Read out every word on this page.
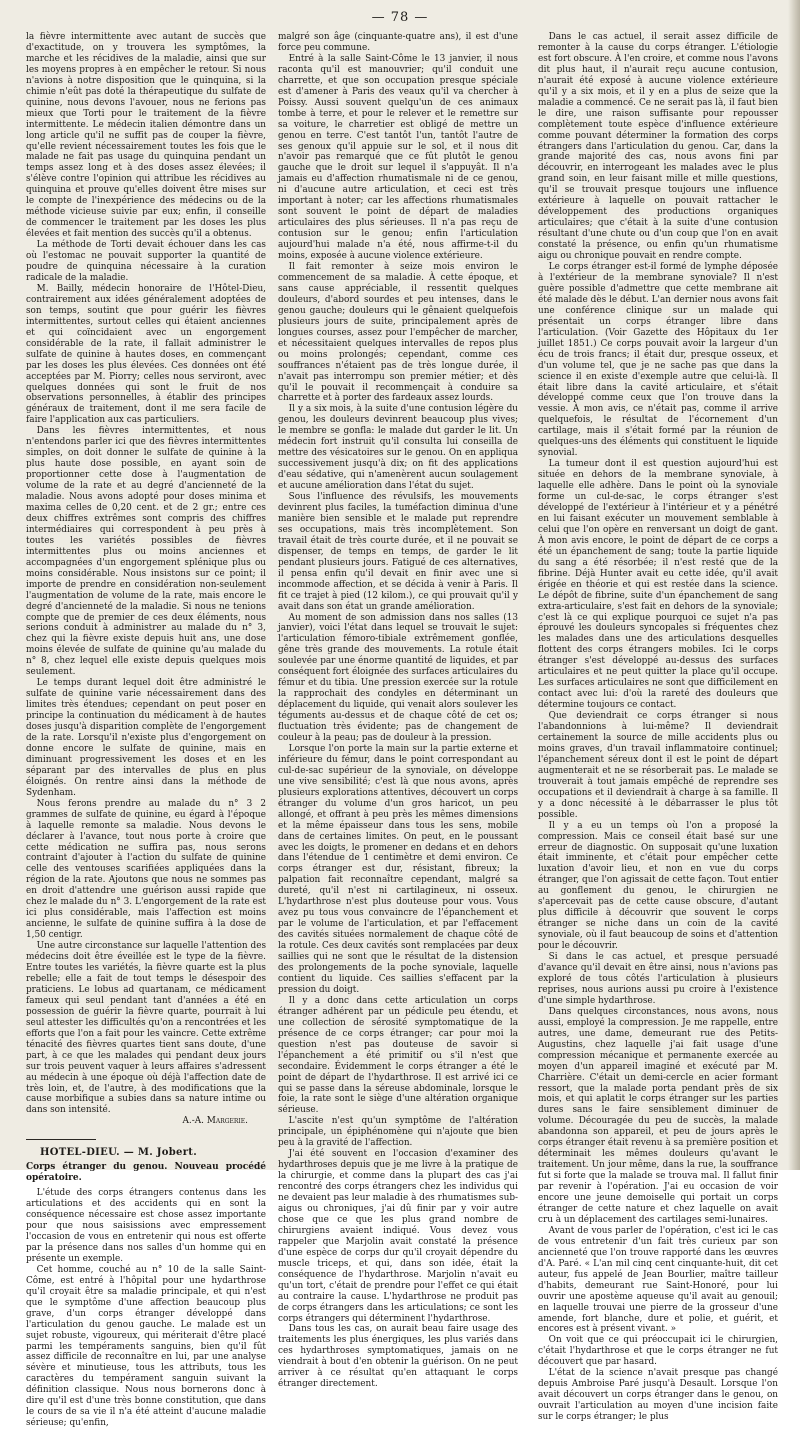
— 78 —

la fièvre intermittente avec autant de succès que d'exactitude, on y trouvera les symptômes, la marche et les récidives de la maladie, ainsi que sur les moyens propres à en empêcher le retour. Si nous n'avions à notre disposition que le quinquina, si la chimie n'eût pas doté la thérapeutique du sulfate de quinine, nous devons l'avouer, nous ne ferions pas mieux que Torti pour le traitement de la fièvre intermittente. Le médecin italien démontre dans un long article qu'il ne suffit pas de couper la fièvre, qu'elle revient nécessairement toutes les fois que le malade ne fait pas usage du quinquina pendant un temps assez long et à des doses assez élevées; il s'élève contre l'opinion qui attribue les récidives au quinquina et prouve qu'elles doivent être mises sur le compte de l'inexpérience des médecins ou de la méthode vicieuse suivie par eux; enfin, il conseille de commencer le traitement par les doses les plus élevées et fait mention des succès qu'il a obtenus.

La méthode de Torti devait échouer dans les cas où l'estomac ne pouvait supporter la quantité de poudre de quinquina nécessaire à la curation radicale de la maladie.

M. Bailly, médecin honoraire de l'Hôtel-Dieu, contrairement aux idées généralement adoptées de son temps, soutint que pour guérir les fièvres intermittentes, surtout celles qui étaient anciennes et qui coïncidaient avec un engorgement considérable de la rate, il fallait administrer le sulfate de quinine à hautes doses, en commençant par les doses les plus élevées. Ces données ont été acceptées par M. Piorry; celles nous serviront, avec quelques données qui sont le fruit de nos observations personnelles, à établir des principes généraux de traitement, dont il me sera facile de faire l'application aux cas particuliers.

Dans les fièvres intermittentes, et nous n'entendons parler ici que des fièvres intermittentes simples, on doit donner le sulfate de quinine à la plus haute dose possible, en ayant soin de proportionner cette dose à l'augmentation de volume de la rate et au degré d'ancienneté de la maladie. Nous avons adopté pour doses minima et maxima celles de 0,20 cent. et de 2 gr.; entre ces deux chiffres extrêmes sont compris des chiffres intermédiaires qui correspondent à peu près à toutes les variétés possibles de fièvres intermittentes plus ou moins anciennes et accompagnées d'un engorgement splénique plus ou moins considérable. Nous insistons sur ce point; il importe de prendre en considération non-seulement l'augmentation de volume de la rate, mais encore le degré d'ancienneté de la maladie. Si nous ne tenions compte que de premier de ces deux éléments, nous serions conduit à administrer au malade du n° 3, chez qui la fièvre existe depuis huit ans, une dose moins élevée de sulfate de quinine qu'au malade du n° 8, chez lequel elle existe depuis quelques mois seulement.

Le temps durant lequel doit être administré le sulfate de quinine varie nécessairement dans des limites très étendues; cependant on peut poser en principe la continuation du médicament à de hautes doses jusqu'à disparition complète de l'engorgement de la rate. Lorsqu'il n'existe plus d'engorgement on donne encore le sulfate de quinine, mais en diminuant progressivement les doses et en les séparant par des intervalles de plus en plus éloignés. On rentre ainsi dans la méthode de Sydenham.

Nous ferons prendre au malade du n° 3 2 grammes de sulfate de quinine, eu égard à l'époque à laquelle remonte sa maladie. Nous devons le déclarer à l'avance, tout nous porte à croire que cette médication ne suffira pas, nous serons contraint d'ajouter à l'action du sulfate de quinine celle des ventouses scarifiées appliquées dans la région de la rate. Ajoutons que nous ne sommes pas en droit d'attendre une guérison aussi rapide que chez le malade du n° 3. L'engorgement de la rate est ici plus considérable, mais l'affection est moins ancienne, le sulfate de quinine suffira à la dose de 1,50 centigr.

Une autre circonstance sur laquelle l'attention des médecins doit être éveillée est le type de la fièvre. Entre toutes les variétés, la fièvre quarte est la plus rebelle; elle a fait de tout temps le désespoir des praticiens. Le lobus ad quartanam, ce médicament fameux qui seul pendant tant d'années a été en possession de guérir la fièvre quarte, pourrait à lui seul attester les difficultés qu'on a rencontrées et les efforts que l'on a fait pour les vaincre. Cette extrême ténacité des fièvres quartes tient sans doute, d'une part, à ce que les malades qui pendant deux jours sur trois peuvent vaquer à leurs affaires s'adressent au médecin à une époque où déjà l'affection date de très loin, et, de l'autre, à des modifications que la cause morbifique a subies dans sa nature intime ou dans son intensité.

A.-A. Margerie.
HOTEL-DIEU. — M. Jobert.
Corps étranger du genou. Nouveau procédé opératoire.

L'étude des corps étrangers contenus dans les articulations et des accidents qui en sont la conséquence nécessaire est chose assez importante pour que nous saisissions avec empressement l'occasion de vous en entretenir qui nous est offerte par la présence dans nos salles d'un homme qui en présente un exemple.

Cet homme, couché au n° 10 de la salle Saint-Côme, est entré à l'hôpital pour une hydarthrose qu'il croyait être sa maladie principale, et qui n'est que le symptôme d'une affection beaucoup plus grave, d'un corps étranger développé dans l'articulation du genou gauche. Le malade est un sujet robuste, vigoureux, qui mériterait d'être placé parmi les tempéraments sanguins, bien qu'il fût assez difficile de reconnaître en lui, par une analyse sévère et minutieuse, tous les attributs, tous les caractères du tempérament sanguin suivant la définition classique. Nous nous bornerons donc à dire qu'il est d'une très bonne constitution, que dans le cours de sa vie il n'a été atteint d'aucune maladie sérieuse; qu'enfin,

malgré son âge (cinquante-quatre ans), il est d'une force peu commune.

Entré à la salle Saint-Côme le 13 janvier, il nous raconta qu'il est manouvrier; qu'il conduit une charrette, et que son occupation presque spéciale est d'amener à Paris des veaux qu'il va chercher à Poissy. Aussi souvent quelqu'un de ces animaux tombe à terre, et pour le relever et le remettre sur sa voiture, le charretier est obligé de mettre un genou en terre. C'est tantôt l'un, tantôt l'autre de ses genoux qu'il appuie sur le sol, et il nous dit n'avoir pas remarqué que ce fût plutôt le genou gauche que le droit sur lequel il s'appuyât. Il n'a jamais eu d'affection rhumatismale ni de ce genou, ni d'aucune autre articulation, et ceci est très important à noter; car les affections rhumatismales sont souvent le point de départ de maladies articulaires des plus sérieuses. Il n'a pas reçu de contusion sur le genou; enfin l'articulation aujourd'hui malade n'a été, nous affirme-t-il du moins, exposée à aucune violence extérieure.

Il fait remonter à seize mois environ le commencement de sa maladie. À cette époque, et sans cause appréciable, il ressentit quelques douleurs, d'abord sourdes et peu intenses, dans le genou gauche; douleurs qui le gênaient quelquefois plusieurs jours de suite, principalement après de longues courses, assez pour l'empêcher de marcher, et nécessitaient quelques intervalles de repos plus ou moins prolongés; cependant, comme ces souffrances n'étaient pas de très longue durée, il n'avait pas interrompu son premier métier; et dès qu'il le pouvait il recommençait à conduire sa charrette et à porter des fardeaux assez lourds.

Il y a six mois, à la suite d'une contusion légère du genou, les douleurs devinrent beaucoup plus vives; le membre se gonfla: le malade dut garder le lit. Un médecin fort instruit qu'il consulta lui conseilla de mettre des vésicatoires sur le genou. On en appliqua successivement jusqu'à dix; on fit des applications d'eau sédative, qui n'amenèrent aucun soulagement et aucune amélioration dans l'état du sujet.

Sous l'influence des révulsifs, les mouvements devinrent plus faciles, la tuméfaction diminua d'une manière bien sensible et le malade put reprendre ses occupations, mais très incomplètement. Son travail était de très courte durée, et il ne pouvait se dispenser, de temps en temps, de garder le lit pendant plusieurs jours. Fatigué de ces alternatives, il pensa enfin qu'il devait en finir avec une si incommode affection, et se décida à venir à Paris. Il fit ce trajet à pied (12 kilom.), ce qui prouvait qu'il y avait dans son état un grande amélioration.

Au moment de son admission dans nos salles (13 janvier), voici l'état dans lequel se trouvait le sujet: l'articulation fémoro-tibiale extrêmement gonflée, gêne très grande des mouvements. La rotule était soulevée par une énorme quantité de liquides, et par conséquent fort éloignée des surfaces articulaires du fémur et du tibia. Une pression exercée sur la rotule la rapprochait des condyles en déterminant un déplacement du liquide, qui venait alors soulever les téguments au-dessus et de chaque côté de cet os; fluctuation très évidente; pas de changement de couleur à la peau; pas de douleur à la pression.

Lorsque l'on porte la main sur la partie externe et inférieure du fémur, dans le point correspondant au cul-de-sac supérieur de la synoviale, on développe une vive sensibilité; c'est là que nous avons, après plusieurs explorations attentives, découvert un corps étranger du volume d'un gros haricot, un peu allongé, et offrant à peu près les mêmes dimensions et la même épaisseur dans tous les sens, mobile dans de certaines limites. On peut, en le poussant avec les doigts, le promener en dedans et en dehors dans l'étendue de 1 centimètre et demi environ. Ce corps étranger est dur, résistant, fibreux; la palpation fait reconnaître cependant, malgré sa dureté, qu'il n'est ni cartilagineux, ni osseux. L'hydarthrose n'est plus douteuse pour vous. Vous avez pu tous vous convaincre de l'épanchement et par le volume de l'articulation, et par l'effacement des cavités situées normalement de chaque côté de la rotule. Ces deux cavités sont remplacées par deux saillies qui ne sont que le résultat de la distension des prolongements de la poche synoviale, laquelle contient du liquide. Ces saillies s'effacent par la pression du doigt.

Il y a donc dans cette articulation un corps étranger adhérent par un pédicule peu étendu, et une collection de sérosité symptomatique de la présence de ce corps étranger; car pour moi la question n'est pas douteuse de savoir si l'épanchement a été primitif ou s'il n'est que secondaire. Évidemment le corps étranger a été le point de départ de l'hydarthrose. Il est arrivé ici ce qui se passe dans la séreuse abdominale, lorsque le foie, la rate sont le siège d'une altération organique sérieuse.

L'ascite n'est qu'un symptôme de l'altération principale, un épiphénomène qui n'ajoute que bien peu à la gravité de l'affection.

J'ai été souvent en l'occasion d'examiner des hydarthroses depuis que je me livre à la pratique de la chirurgie, et comme dans la plupart des cas j'ai rencontré des corps étrangers chez les individus qui ne devaient pas leur maladie à des rhumatismes sub-aigus ou chroniques, j'ai dû finir par y voir autre chose que ce que les plus grand nombre de chirurgiens avaient indiqué. Vous devez vous rappeler que Marjolin avait constaté la présence d'une espèce de corps dur qu'il croyait dépendre du muscle triceps, et qui, dans son idée, était la conséquence de l'hydarthrose. Marjolin n'avait eu qu'un tort, c'était de prendre pour l'effet ce qui était au contraire la cause. L'hydarthrose ne produit pas de corps étrangers dans les articulations; ce sont les corps étrangers qui déterminent l'hydarthrose.

Dans tous les cas, on aurait beau faire usage des traitements les plus énergiques, les plus variés dans ces hydarthroses symptomatiques, jamais on ne viendrait à bout d'en obtenir la guérison. On ne peut arriver à ce résultat qu'en attaquant le corps étranger directement.

Dans le cas actuel, il serait assez difficile de remonter à la cause du corps étranger. L'étiologie est fort obscure. À l'en croire, et comme nous l'avons dit plus haut, il n'aurait reçu aucune contusion, n'aurait été exposé à aucune violence extérieure qu'il y a six mois, et il y en a plus de seize que la maladie a commencé. Ce ne serait pas là, il faut bien le dire, une raison suffisante pour repousser complètement toute espèce d'influence extérieure comme pouvant déterminer la formation des corps étrangers dans l'articulation du genou. Car, dans la grande majorité des cas, nous avons fini par découvrir, en interrogeant les malades avec le plus grand soin, en leur faisant mille et mille questions, qu'il se trouvait presque toujours une influence extérieure à laquelle on pouvait rattacher le développement des productions organiques articulaires; que c'était à la suite d'une contusion résultant d'une chute ou d'un coup que l'on en avait constaté la présence, ou enfin qu'un rhumatisme aigu ou chronique pouvait en rendre compte.

Le corps étranger est-il formé de lymphe déposée à l'extérieur de la membrane synoviale? Il n'est guère possible d'admettre que cette membrane ait été malade dès le début. L'an dernier nous avons fait une conférence clinique sur un malade qui présentait un corps étranger libre dans l'articulation. (Voir Gazette des Hôpitaux du 1er juillet 1851.) Ce corps pouvait avoir la largeur d'un écu de trois francs; il était dur, presque osseux, et d'un volume tel, que je ne sache pas que dans la science il en existe d'exemple autre que celui-là. Il était libre dans la cavité articulaire, et s'était développé comme ceux que l'on trouve dans la vessie. À mon avis, ce n'était pas, comme il arrive quelquefois, le résultat de l'écornement d'un cartilage, mais il s'était formé par la réunion de quelques-uns des éléments qui constituent le liquide synovial.

La tumeur dont il est question aujourd'hui est située en dehors de la membrane synoviale, à laquelle elle adhère. Dans le point où la synoviale forme un cul-de-sac, le corps étranger s'est développé de l'extérieur à l'intérieur et y a pénétré en lui faisant exécuter un mouvement semblable à celui que l'on opère en renversant un doigt de gant. À mon avis encore, le point de départ de ce corps a été un épanchement de sang; toute la partie liquide du sang a été résorbée; il n'est resté que de la fibrine. Déjà Hunter avait eu cette idée, qu'il avait érigée en théorie et qui est restée dans la science. Le dépôt de fibrine, suite d'un épanchement de sang extra-articulaire, s'est fait en dehors de la synoviale; c'est là ce qui explique pourquoi ce sujet n'a pas éprouvé les douleurs syncopales si fréquentes chez les malades dans une des articulations desquelles flottent des corps étrangers mobiles. Ici le corps étranger s'est développé au-dessus des surfaces articulaires et ne peut quitter la place qu'il occupe. Les surfaces articulaires ne sont que difficilement en contact avec lui: d'où la rareté des douleurs que détermine toujours ce contact.

Que deviendrait ce corps étranger si nous l'abandonnions à lui-même? Il deviendrait certainement la source de mille accidents plus ou moins graves, d'un travail inflammatoire continuel; l'épanchement séreux dont il est le point de départ augmenterait et ne se résorberait pas. Le malade se trouverait à tout jamais empêché de reprendre ses occupations et il deviendrait à charge à sa famille. Il y a donc nécessité à le débarrasser le plus tôt possible.

Il y a eu un temps où l'on a proposé la compression. Mais ce conseil était basé sur une erreur de diagnostic. On supposait qu'une luxation était imminente, et c'était pour empêcher cette luxation d'avoir lieu, et non en vue du corps étranger, que l'on agissait de cette façon. Tout entier au gonflement du genou, le chirurgien ne s'apercevait pas de cette cause obscure, d'autant plus difficile à découvrir que souvent le corps étranger se niche dans un coin de la cavité synoviale, où il faut beaucoup de soins et d'attention pour le découvrir.

Si dans le cas actuel, et presque persuadé d'avance qu'il devait en être ainsi, nous n'avions pas exploré de tous côtés l'articulation à plusieurs reprises, nous aurions aussi pu croire à l'existence d'une simple hydarthrose.

Dans quelques circonstances, nous avons, nous aussi, employé la compression. Je me rappelle, entre autres, une dame, demeurant rue des Petits-Augustins, chez laquelle j'ai fait usage d'une compression mécanique et permanente exercée au moyen d'un appareil imaginé et exécuté par M. Charrière. C'était un demi-cercle en acier formant ressort, que la malade porta pendant près de six mois, et qui aplatit le corps étranger sur les parties dures sans le faire sensiblement diminuer de volume. Découragée du peu de succès, la malade abandonna son appareil, et peu de jours après le corps étranger était revenu à sa première position et déterminait les mêmes douleurs qu'avant le traitement. Un jour même, dans la rue, la souffrance fut si forte que la malade se trouva mal. Il fallut finir par revenir à l'opération. J'ai eu occasion de voir encore une jeune demoiselle qui portait un corps étranger de cette nature et chez laquelle on avait cru à un déplacement des cartilages semi-lunaires.

Avant de vous parler de l'opération, c'est ici le cas de vous entretenir d'un fait très curieux par son ancienneté que l'on trouve rapporté dans les œuvres d'A. Paré. « L'an mil cinq cent cinquante-huit, dit cet auteur, fus appelé de Jean Bourlier, maître tailleur d'habits, demeurant rue Saint-Honoré, pour lui ouvrir une apostème aqueuse qu'il avait au genouil; en laquelle trouvai une pierre de la grosseur d'une amende, fort blanche, dure et polie, et guérit, et encores est à présent vivant. »

On voit que ce qui préoccupait ici le chirurgien, c'était l'hydarthrose et que le corps étranger ne fut découvert que par hasard.

L'état de la science n'avait presque pas changé depuis Ambroise Paré jusqu'à Desault. Lorsque l'on avait découvert un corps étranger dans le genou, on ouvrait l'articulation au moyen d'une incision faite sur le corps étranger; le plus
